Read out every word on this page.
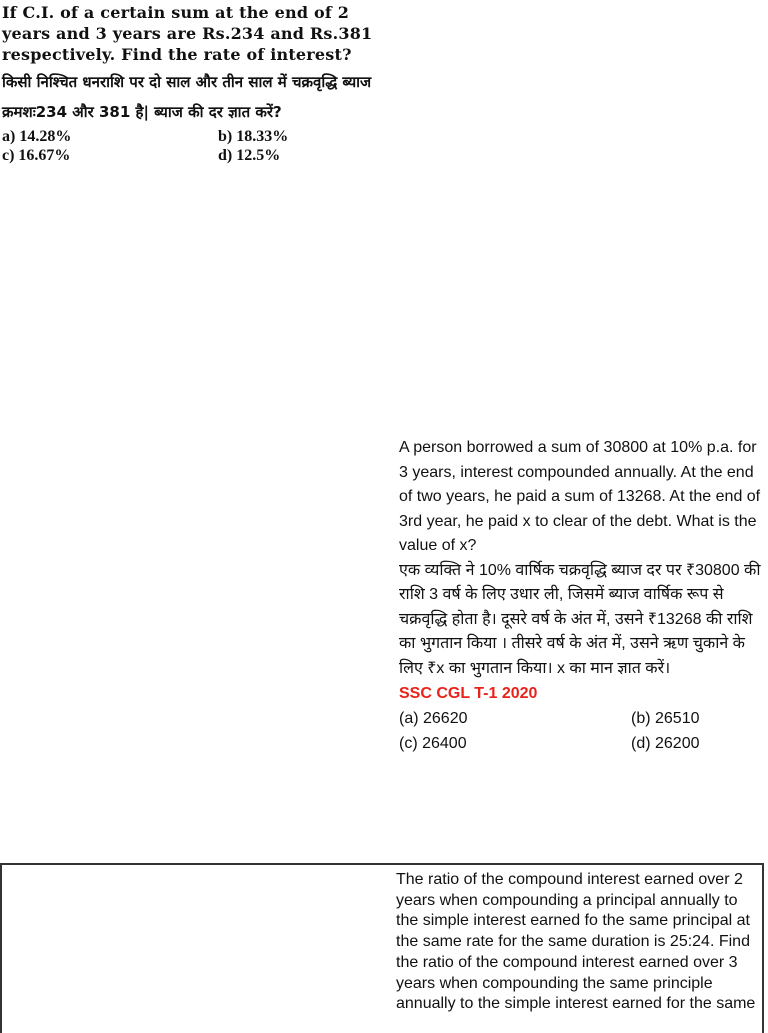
If C.I. of a certain sum at the end of 2 years and 3 years are Rs.234 and Rs.381 respectively. Find the rate of interest?

किसी निश्चित धनराशि पर दो साल और तीन साल में चक्रवृद्धि ब्याज क्रमशः234 और 381 है| ब्याज की दर ज्ञात करें?

a) 14.28%	b) 18.33%
c) 16.67%	d) 12.5%

A person borrowed a sum of 30800 at 10% p.a. for 3 years, interest compounded annually. At the end of two years, he paid a sum of 13268. At the end of 3rd year, he paid x to clear of the debt. What is the value of x?

एक व्यक्ति ने 10% वार्षिक चक्रवृद्धि ब्याज दर पर ₹30800 की राशि 3 वर्ष के लिए उधार ली, जिसमें ब्याज वार्षिक रूप से चक्रवृद्धि होता है। दूसरे वर्ष के अंत में, उसने ₹13268 की राशि का भुगतान किया । तीसरे वर्ष के अंत में, उसने ऋण चुकाने के लिए ₹x का भुगतान किया। x का मान ज्ञात करें।

SSC CGL T-1 2020

(a) 26620	(b) 26510
(c) 26400	(d) 26200

The ratio of the compound interest earned over 2 years when compounding a principal annually to the simple interest earned fo the same principal at the same rate for the same duration is 25:24. Find the ratio of the compound interest earned over 3 years when compounding the same principle annually to the simple interest earned for the same
